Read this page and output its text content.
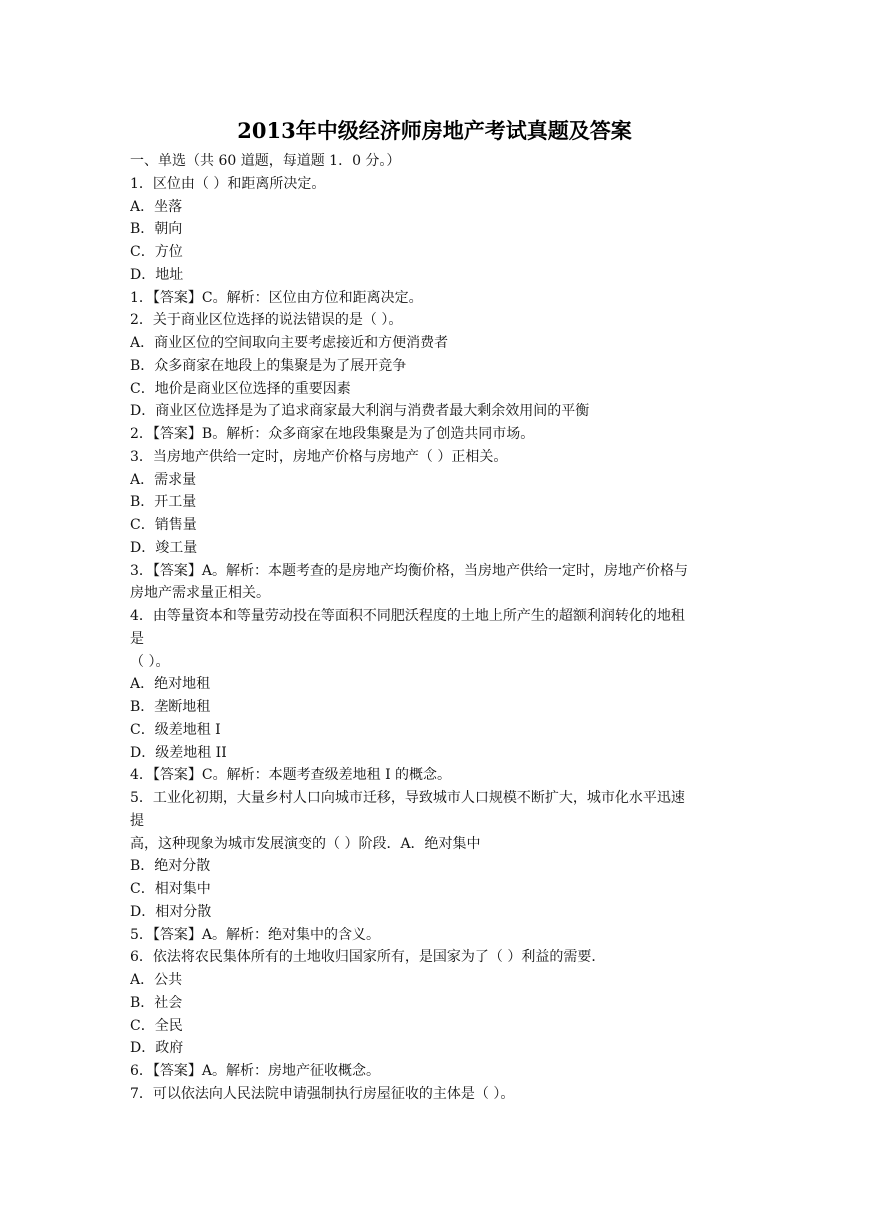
2013年中级经济师房地产考试真题及答案

一、单选（共 60 道题，每道题 1．0 分。）

1．区位由（ ）和距离所决定。

A．坐落

B．朝向

C．方位

D．地址

1．【答案】C。解析：区位由方位和距离决定。

2．关于商业区位选择的说法错误的是（ ）。

A．商业区位的空间取向主要考虑接近和方便消费者

B．众多商家在地段上的集聚是为了展开竞争

C．地价是商业区位选择的重要因素

D．商业区位选择是为了追求商家最大利润与消费者最大剩余效用间的平衡

2．【答案】B。解析：众多商家在地段集聚是为了创造共同市场。

3．当房地产供给一定时，房地产价格与房地产（ ）正相关。

A．需求量

B．开工量

C．销售量

D．竣工量

3．【答案】A。解析：本题考查的是房地产均衡价格，当房地产供给一定时，房地产价格与

房地产需求量正相关。

4．由等量资本和等量劳动投在等面积不同肥沃程度的土地上所产生的超额利润转化的地租

是

（ ）。

A．绝对地租

B．垄断地租

C．级差地租 I

D．级差地租 II

4．【答案】C。解析：本题考查级差地租 I 的概念。

5．工业化初期，大量乡村人口向城市迁移，导致城市人口规模不断扩大，城市化水平迅速

提

高，这种现象为城市发展演变的（ ）阶段．A．绝对集中

B．绝对分散

C．相对集中

D．相对分散

5．【答案】A。解析：绝对集中的含义。

6．依法将农民集体所有的土地收归国家所有，是国家为了（ ）利益的需要．

A．公共

B．社会

C．全民

D．政府

6．【答案】A。解析：房地产征收概念。

7．可以依法向人民法院申请强制执行房屋征收的主体是（ ）。
